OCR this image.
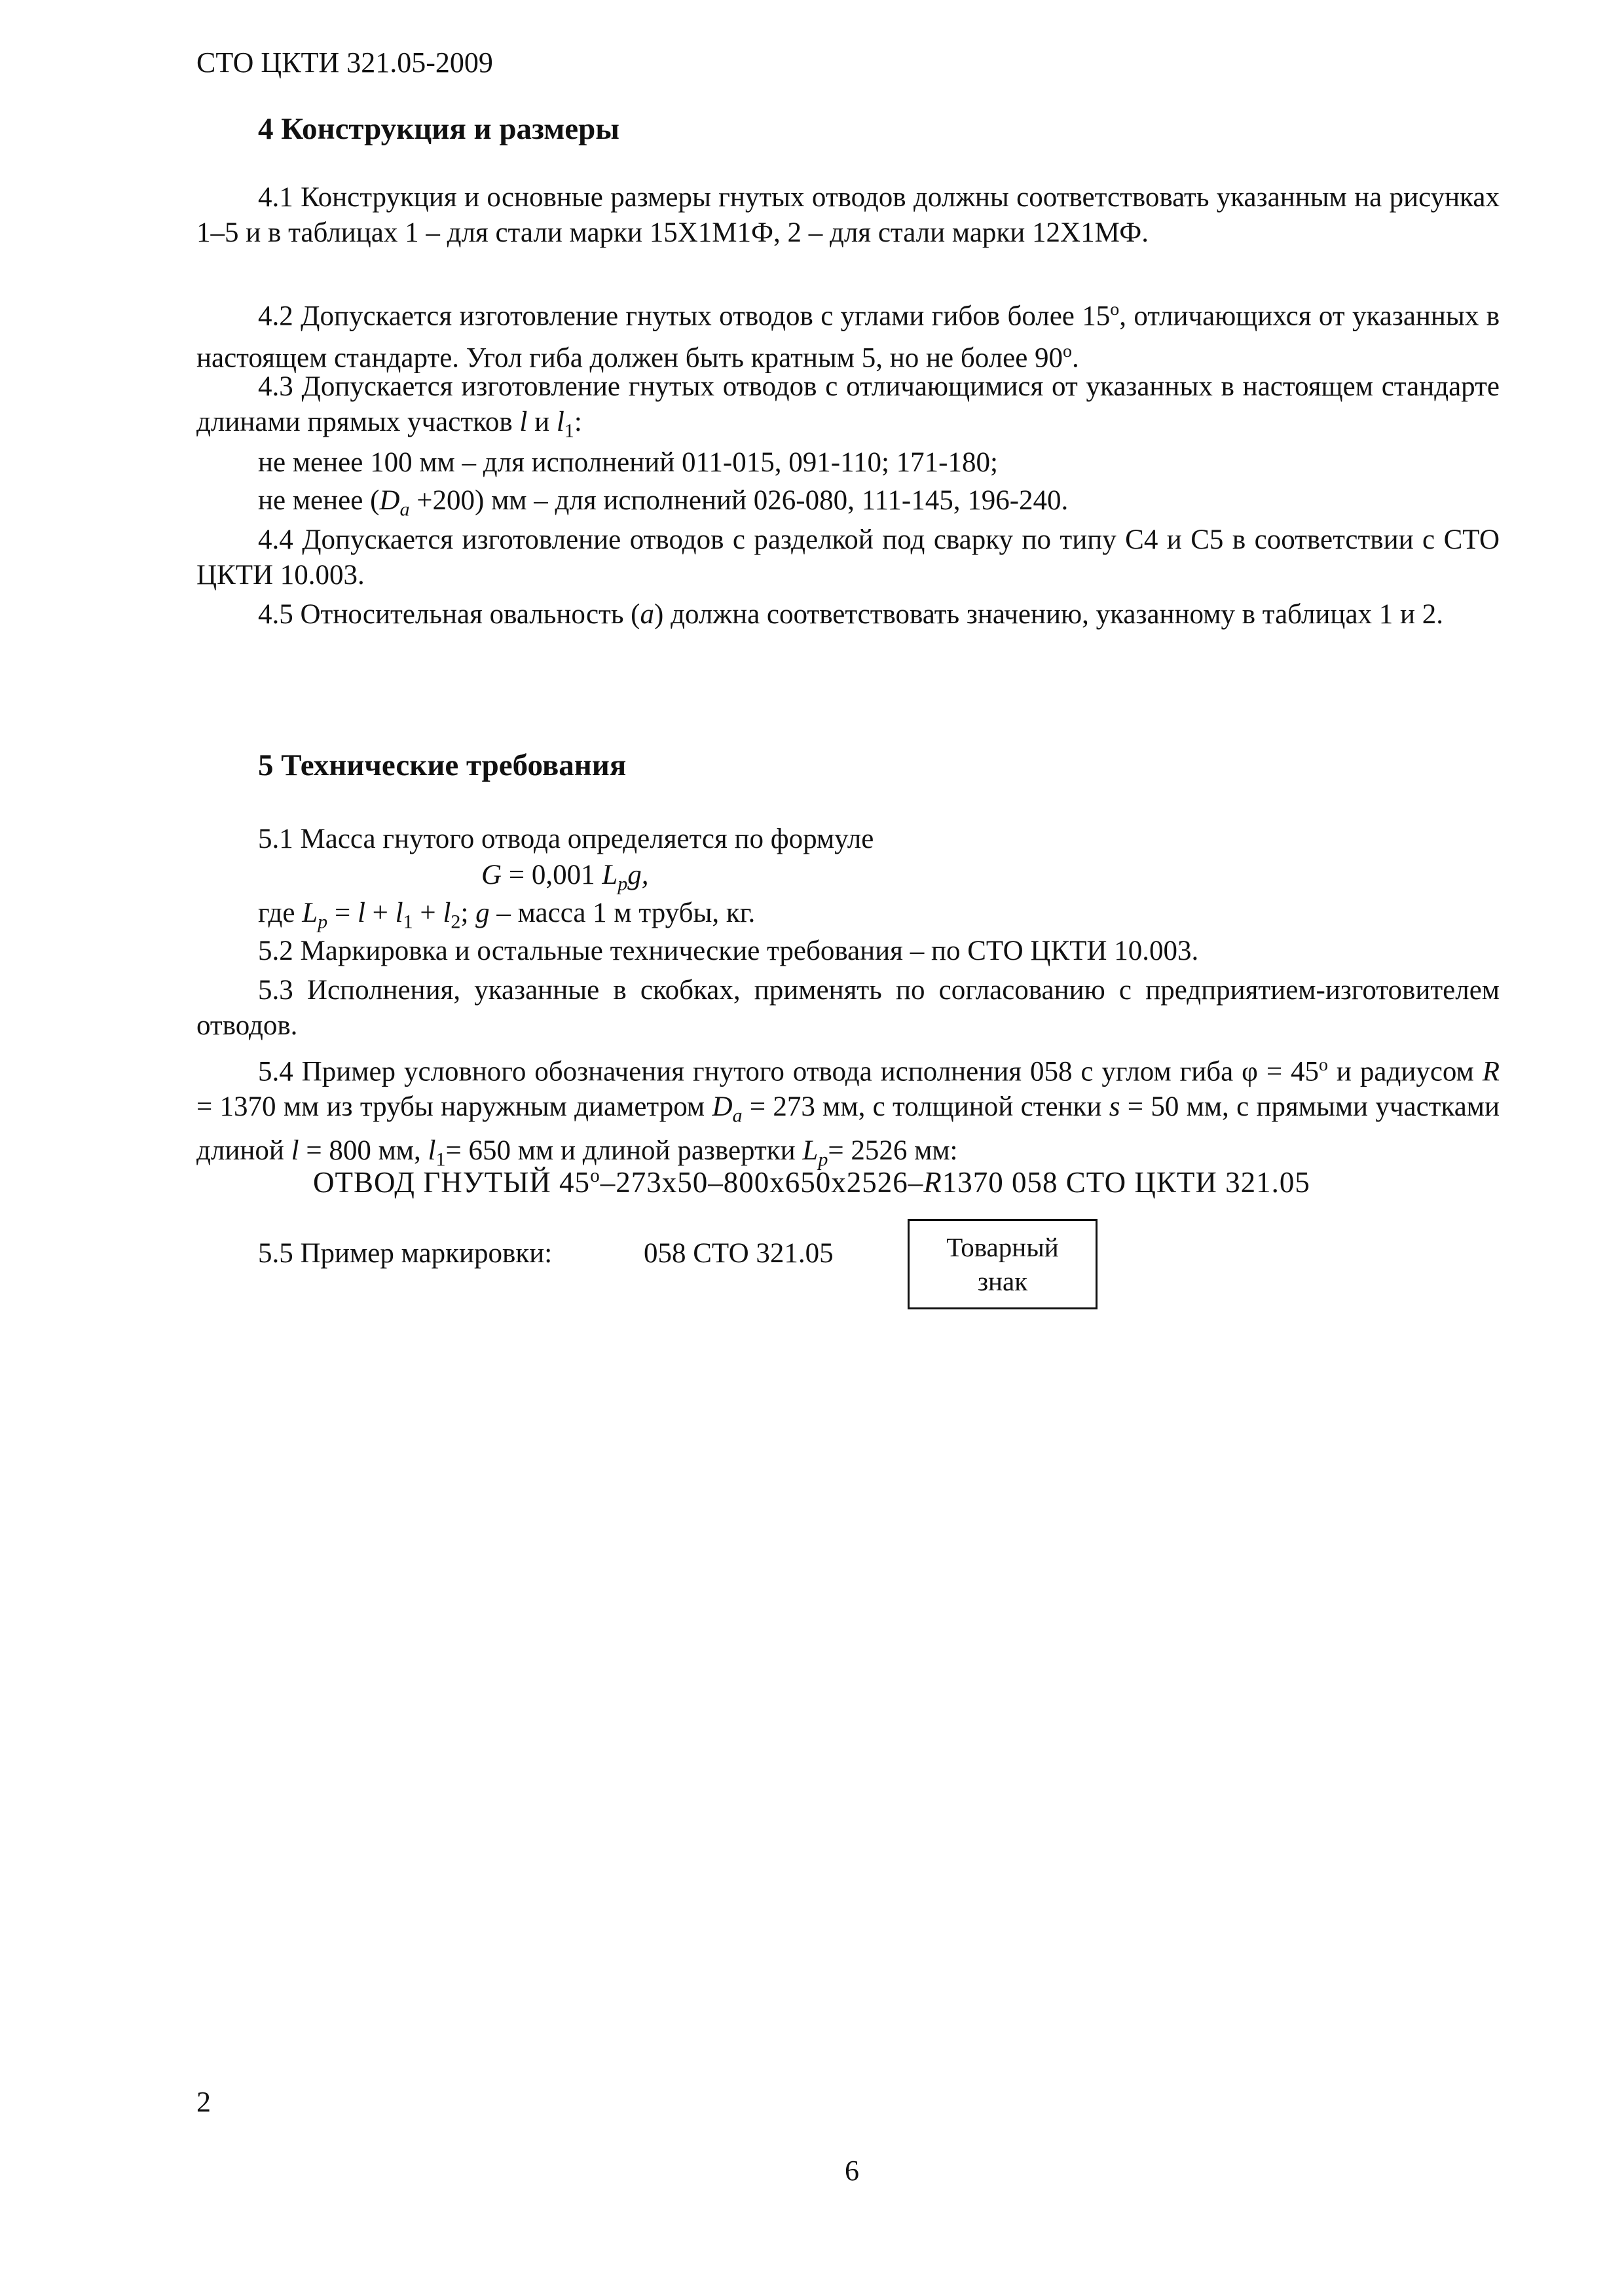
СТО ЦКТИ 321.05-2009
4 Конструкция и размеры
4.1 Конструкция и основные размеры гнутых отводов должны соответствовать указанным на рисунках 1–5 и в таблицах 1 – для стали марки 15Х1М1Ф, 2 – для стали марки 12Х1МФ.
4.2 Допускается изготовление гнутых отводов с углами гибов более 15$^o$, отличающихся от указанных в настоящем стандарте. Угол гиба должен быть кратным 5, но не более 90$^o$.
4.3 Допускается изготовление гнутых отводов с отличающимися от указанных в настоящем стандарте длинами прямых участков l и $l_1$:
не менее 100 мм – для исполнений 011-015, 091-110; 171-180;
не менее $(D_a +200)$ мм – для исполнений 026-080, 111-145, 196-240.
4.4 Допускается изготовление отводов с разделкой под сварку по типу С4 и С5 в соответствии с СТО ЦКТИ 10.003.
4.5 Относительная овальность (а) должна соответствовать значению, указанному в таблицах 1 и 2.
5 Технические требования
5.1 Масса гнутого отвода определяется по формуле
G = 0,001 $L_pg$,
где $L_p = l + l_1 + l_2$; g – масса 1 м трубы, кг.
5.2 Маркировка и остальные технические требования – по СТО ЦКТИ 10.003.
5.3 Исполнения, указанные в скобках, применять по согласованию с предприятием-изготовителем отводов.
5.4 Пример условного обозначения гнутого отвода исполнения 058 с углом гиба $\varphi = 45^o$ и радиусом R = 1370 мм из трубы наружным диаметром $D_a = 273$ мм, с толщиной стенки s = 50 мм, с прямыми участками длиной l = 800 мм, $l_1= 650$ мм и длиной развертки $L_p= 2526$ мм:
ОТВОД ГНУТЫЙ 45$^o$–273х50–800х650х2526–R1370 058 СТО ЦКТИ 321.05
5.5 Пример маркировки:	058 СТО 321.05	Товарный
знак
2
6
